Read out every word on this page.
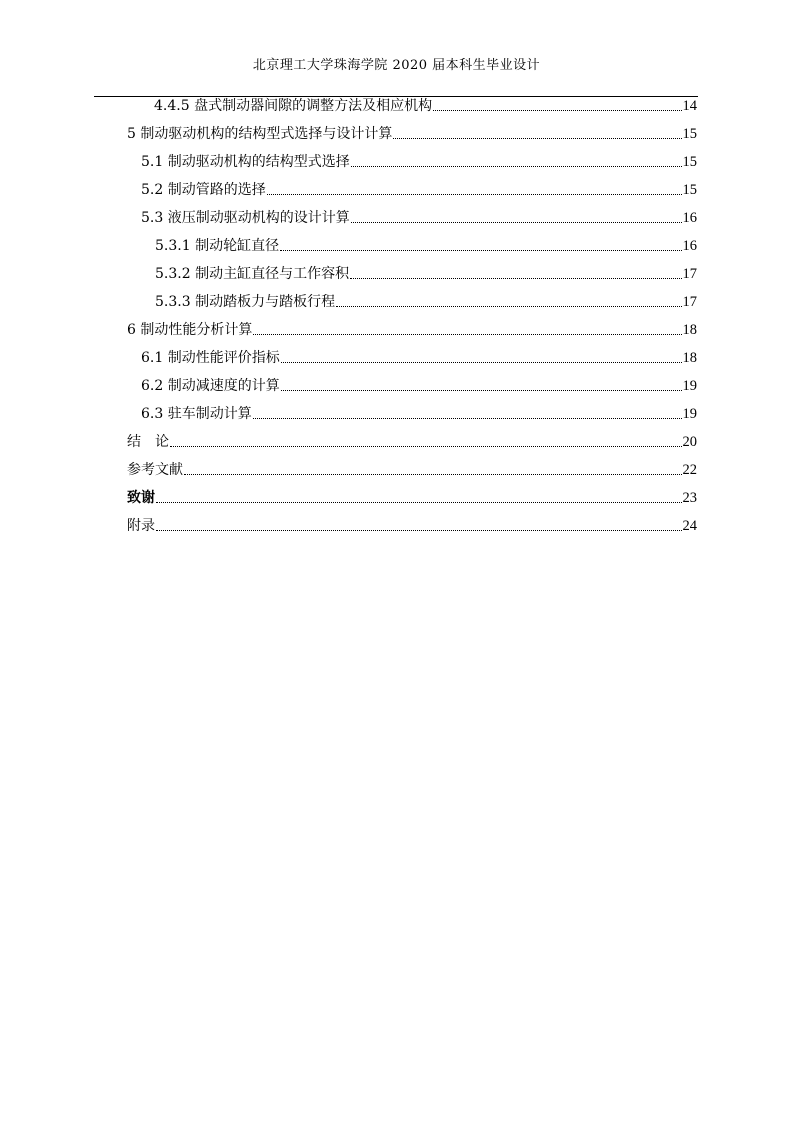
北京理工大学珠海学院 2020 届本科生毕业设计
4.4.5 盘式制动器间隙的调整方法及相应机构	14
5 制动驱动机构的结构型式选择与设计计算	15
5.1 制动驱动机构的结构型式选择	15
5.2 制动管路的选择	15
5.3 液压制动驱动机构的设计计算	16
5.3.1 制动轮缸直径	16
5.3.2 制动主缸直径与工作容积	17
5.3.3 制动踏板力与踏板行程	17
6 制动性能分析计算	18
6.1 制动性能评价指标	18
6.2 制动减速度的计算	19
6.3 驻车制动计算	19
结　论	20
参考文献	22
致谢	23
附录	24
